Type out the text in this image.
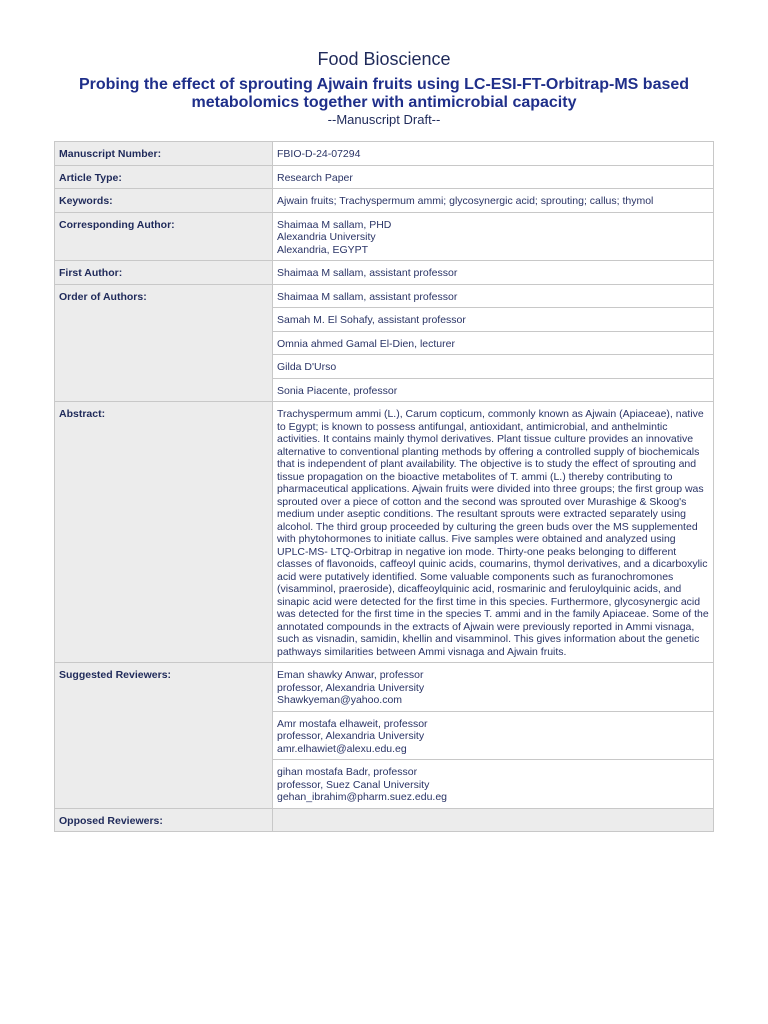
Food Bioscience
Probing the effect of sprouting Ajwain fruits using LC-ESI-FT-Orbitrap-MS based metabolomics together with antimicrobial capacity
--Manuscript Draft--
Manuscript Number:	FBIO-D-24-07294
Article Type:	Research Paper
Keywords:	Ajwain fruits; Trachyspermum ammi; glycosynergic acid; sprouting; callus; thymol
Corresponding Author:	Shaimaa M sallam, PHD
Alexandria University
Alexandria, EGYPT

First Author:	Shaimaa M sallam, assistant professor
Order of Authors:	Shaimaa M sallam, assistant professor
	Samah M. El Sohafy, assistant professor
	Omnia ahmed Gamal El-Dien, lecturer
	Gilda D'Urso
	Sonia Piacente, professor
Abstract:	Trachyspermum ammi (L.), Carum copticum, commonly known as Ajwain (Apiaceae), native to Egypt; is known to possess antifungal, antioxidant, antimicrobial, and anthelmintic activities. It contains mainly thymol derivatives. Plant tissue culture provides an innovative alternative to conventional planting methods by offering a controlled supply of biochemicals that is independent of plant availability. The objective is to study the effect of sprouting and tissue propagation on the bioactive metabolites of T. ammi (L.) thereby contributing to pharmaceutical applications. Ajwain fruits were divided into three groups; the first group was sprouted over a piece of cotton and the second was sprouted over Murashige & Skoog's medium under aseptic conditions. The resultant sprouts were extracted separately using alcohol. The third group proceeded by culturing the green buds over the MS supplemented with phytohormones to initiate callus. Five samples were obtained and analyzed using UPLC-MS- LTQ-Orbitrap in negative ion mode. Thirty-one peaks belonging to different classes of flavonoids, caffeoyl quinic acids, coumarins, thymol derivatives, and a dicarboxylic acid were putatively identified. Some valuable components such as furanochromones (visamminol, praeroside), dicaffeoylquinic acid, rosmarinic and feruloylquinic acids, and sinapic acid were detected for the first time in this species. Furthermore, glycosynergic acid was detected for the first time in the species T. ammi and in the family Apiaceae. Some of the annotated compounds in the extracts of Ajwain were previously reported in Ammi visnaga, such as visnadin, samidin, khellin and visamminol. This gives information about the genetic pathways similarities between Ammi visnaga and Ajwain fruits.
Suggested Reviewers:	Eman shawky Anwar, professor
professor, Alexandria University
Shawkyeman@yahoo.com

	Amr mostafa elhaweit, professor
professor, Alexandria University
amr.elhawiet@alexu.edu.eg

	gihan mostafa Badr, professor
professor, Suez Canal University
gehan_ibrahim@pharm.suez.edu.eg

Opposed Reviewers:	
